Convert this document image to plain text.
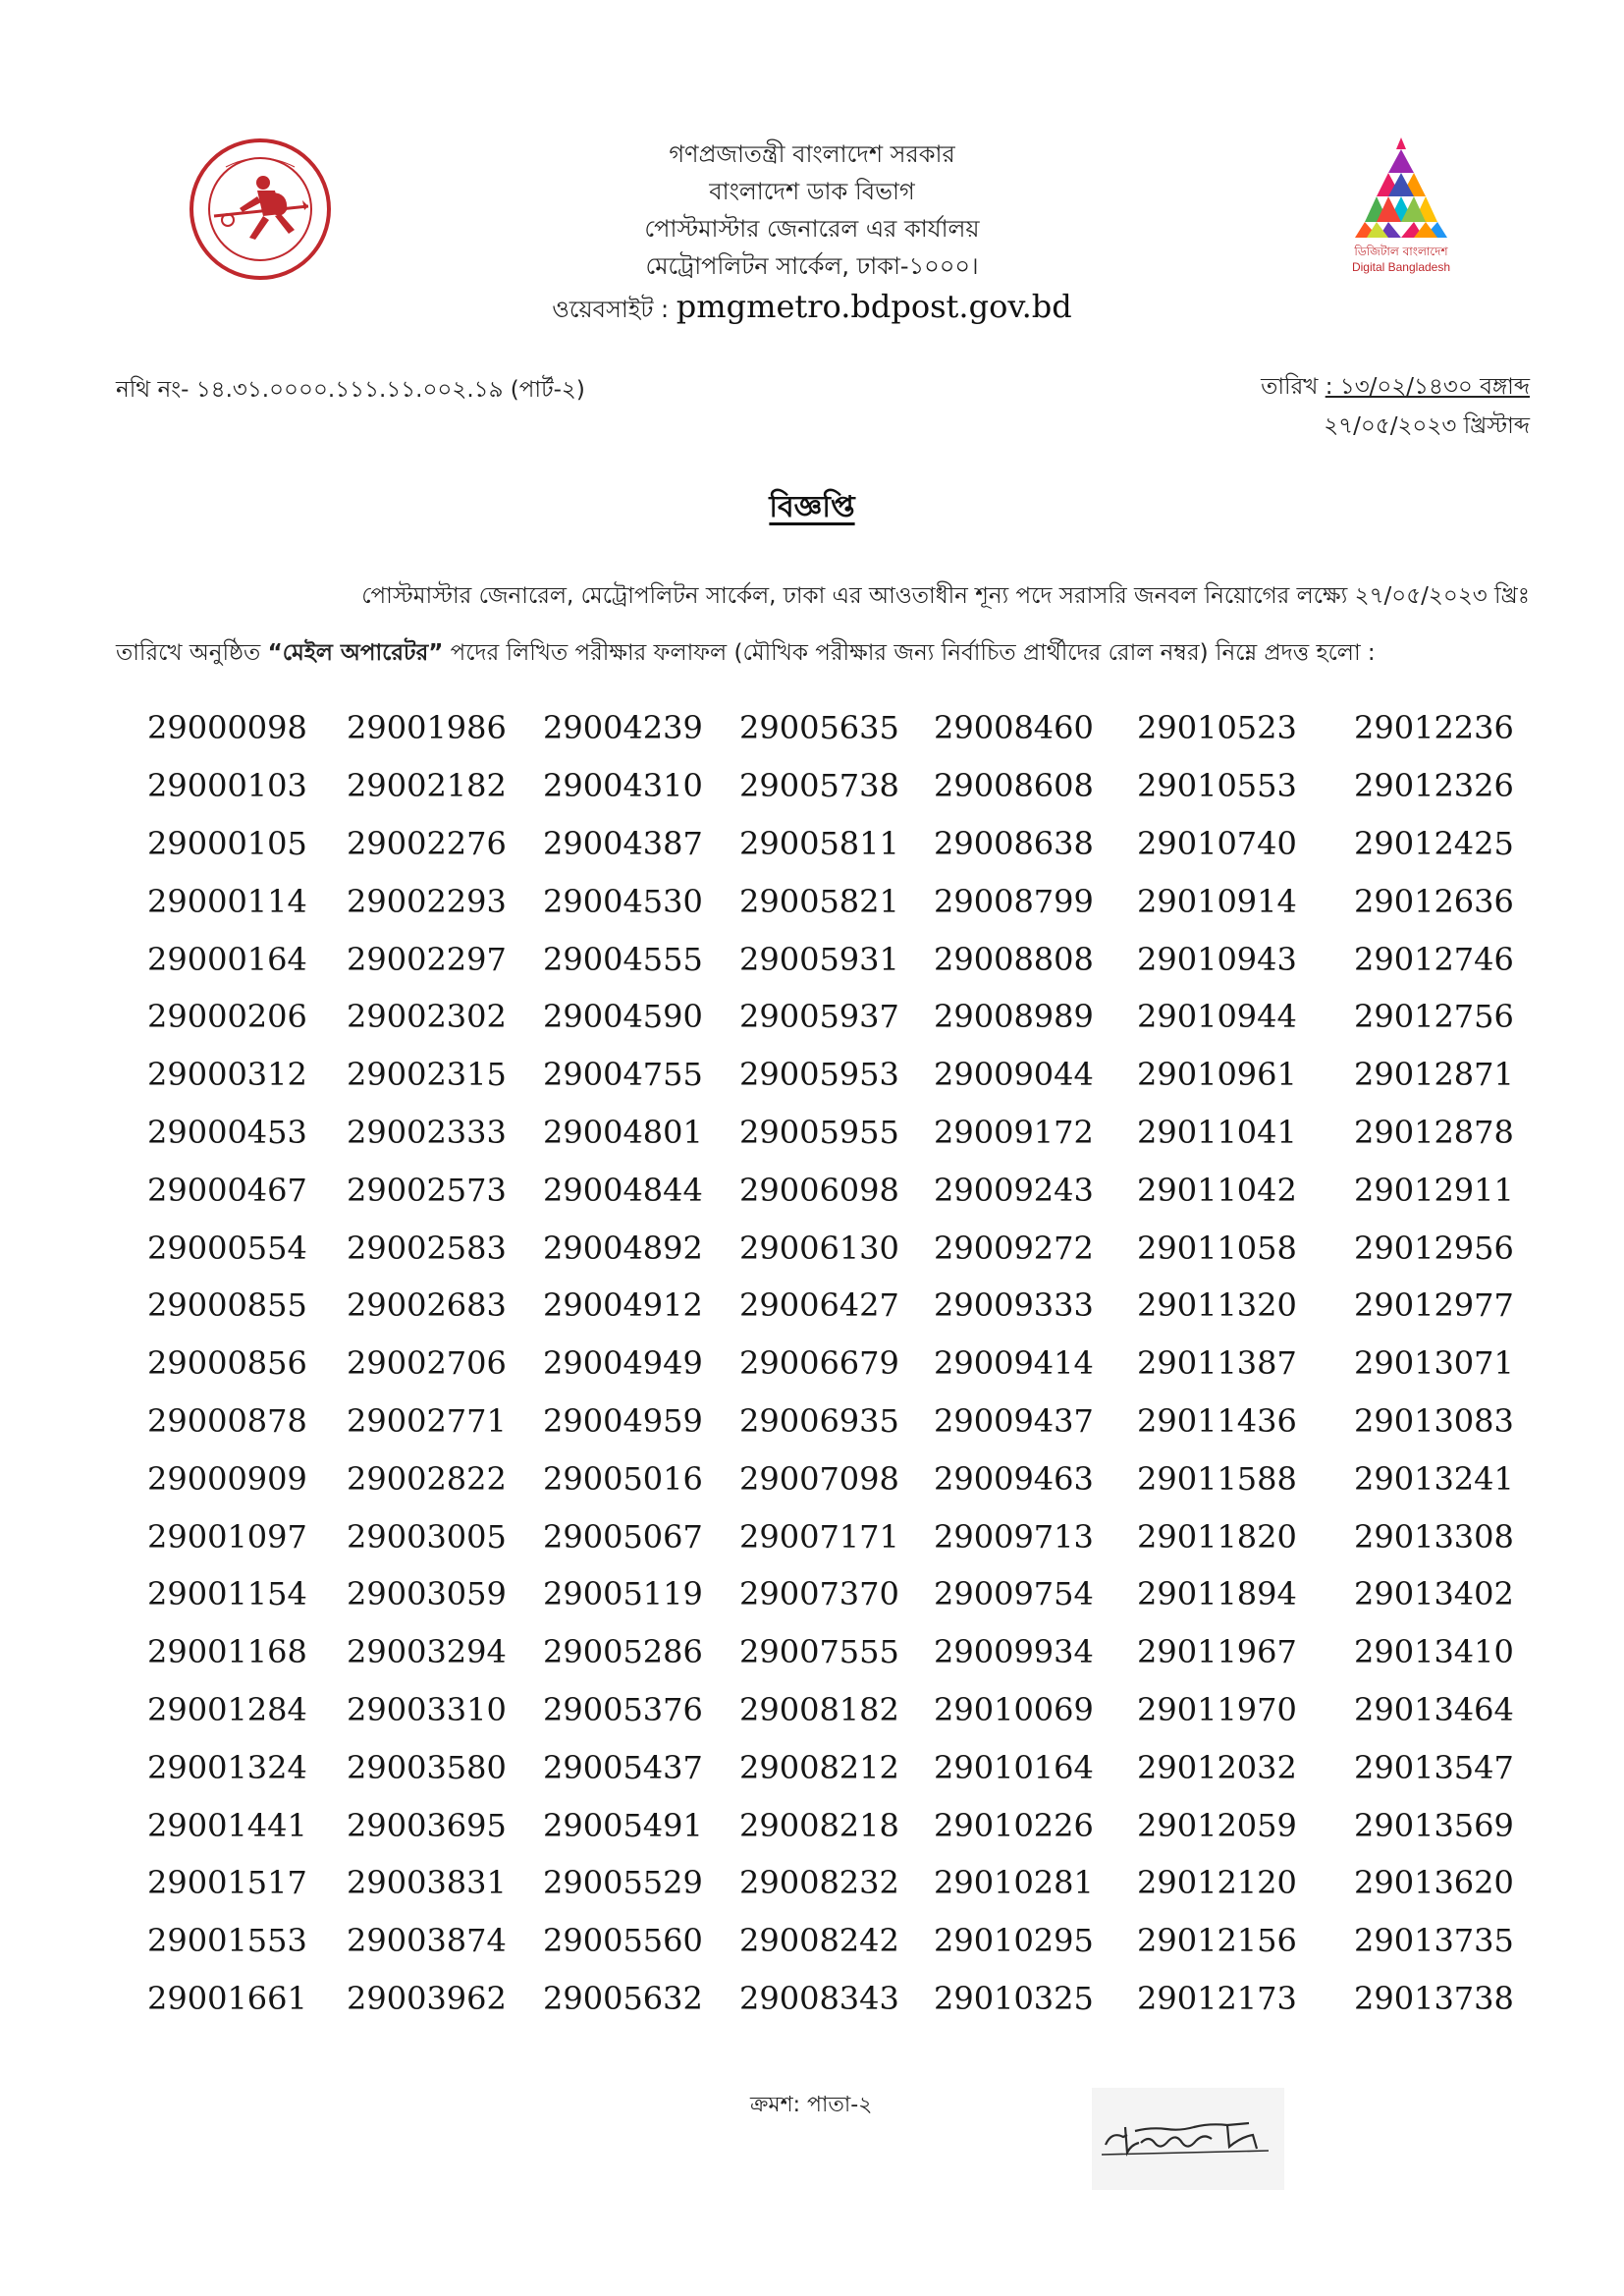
গণপ্রজাতন্ত্রী বাংলাদেশ সরকার
বাংলাদেশ ডাক বিভাগ
পোস্টমাস্টার জেনারেল এর কার্যালয়
মেট্রোপলিটন সার্কেল, ঢাকা-১০০০।
ওয়েবসাইট : pmgmetro.bdpost.gov.bd
ডিজিটাল বাংলাদেশ
Digital Bangladesh
নথি নং- ১৪.৩১.০০০০.১১১.১১.০০২.১৯ (পার্ট-২)	তারিখ : ১৩/০২/১৪৩০ বঙ্গাব্দ
২৭/০৫/২০২৩ খ্রিস্টাব্দ
বিজ্ঞপ্তি
পোস্টমাস্টার জেনারেল, মেট্রোপলিটন সার্কেল, ঢাকা এর আওতাধীন শূন্য পদে সরাসরি জনবল নিয়োগের লক্ষ্যে ২৭/০৫/২০২৩ খ্রিঃ
তারিখে অনুষ্ঠিত “মেইল অপারেটর” পদের লিখিত পরীক্ষার ফলাফল (মৌখিক পরীক্ষার জন্য নির্বাচিত প্রার্থীদের রোল নম্বর) নিম্নে প্রদত্ত হলো :
29000098	29001986	29004239	29005635	29008460	29010523	29012236
29000103	29002182	29004310	29005738	29008608	29010553	29012326
29000105	29002276	29004387	29005811	29008638	29010740	29012425
29000114	29002293	29004530	29005821	29008799	29010914	29012636
29000164	29002297	29004555	29005931	29008808	29010943	29012746
29000206	29002302	29004590	29005937	29008989	29010944	29012756
29000312	29002315	29004755	29005953	29009044	29010961	29012871
29000453	29002333	29004801	29005955	29009172	29011041	29012878
29000467	29002573	29004844	29006098	29009243	29011042	29012911
29000554	29002583	29004892	29006130	29009272	29011058	29012956
29000855	29002683	29004912	29006427	29009333	29011320	29012977
29000856	29002706	29004949	29006679	29009414	29011387	29013071
29000878	29002771	29004959	29006935	29009437	29011436	29013083
29000909	29002822	29005016	29007098	29009463	29011588	29013241
29001097	29003005	29005067	29007171	29009713	29011820	29013308
29001154	29003059	29005119	29007370	29009754	29011894	29013402
29001168	29003294	29005286	29007555	29009934	29011967	29013410
29001284	29003310	29005376	29008182	29010069	29011970	29013464
29001324	29003580	29005437	29008212	29010164	29012032	29013547
29001441	29003695	29005491	29008218	29010226	29012059	29013569
29001517	29003831	29005529	29008232	29010281	29012120	29013620
29001553	29003874	29005560	29008242	29010295	29012156	29013735
29001661	29003962	29005632	29008343	29010325	29012173	29013738
ক্রমশ: পাতা-২
